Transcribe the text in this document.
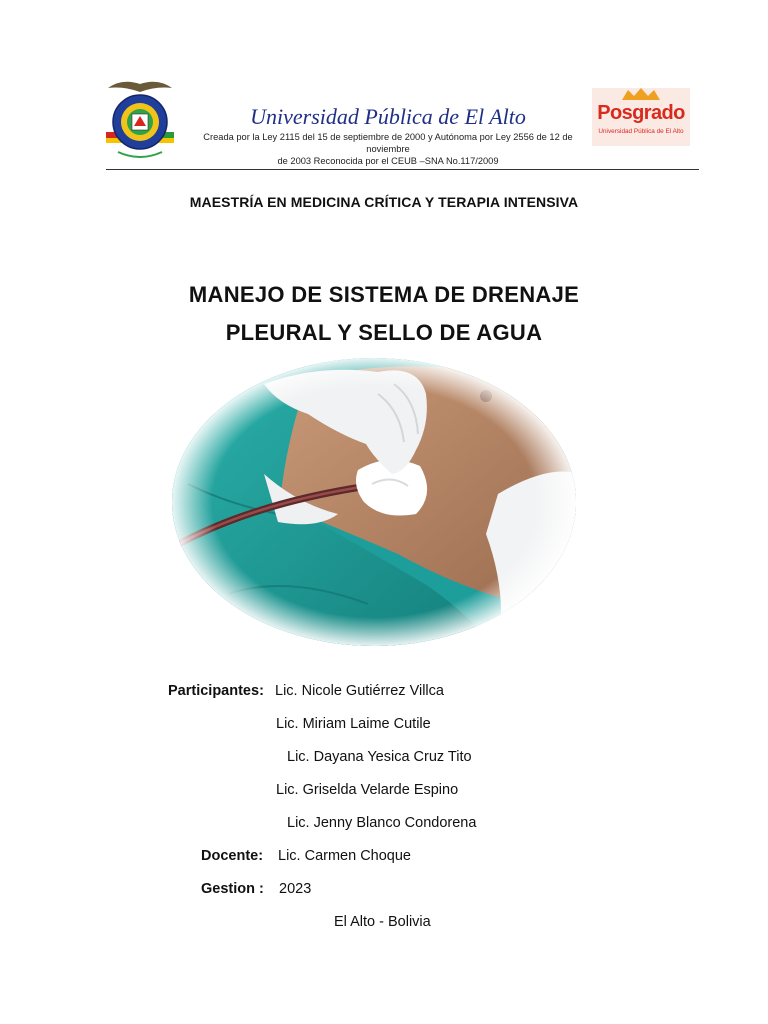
Universidad Pública de El Alto
Creada por la Ley 2115 del 15 de septiembre de 2000 y Autónoma por Ley 2556 de 12 de noviembre
de 2003 Reconocida por el CEUB –SNA No.117/2009
Posgrado
Universidad Pública de El Alto
MAESTRÍA EN MEDICINA CRÍTICA Y TERAPIA INTENSIVA
MANEJO DE SISTEMA DE DRENAJE
PLEURAL Y SELLO DE AGUA
Participantes: Lic. Nicole Gutiérrez Villca
Lic. Miriam Laime Cutile
Lic. Dayana Yesica Cruz Tito
Lic. Griselda Velarde Espino
Lic. Jenny Blanco Condorena
Docente: Lic. Carmen Choque
Gestion : 2023
El Alto - Bolivia
